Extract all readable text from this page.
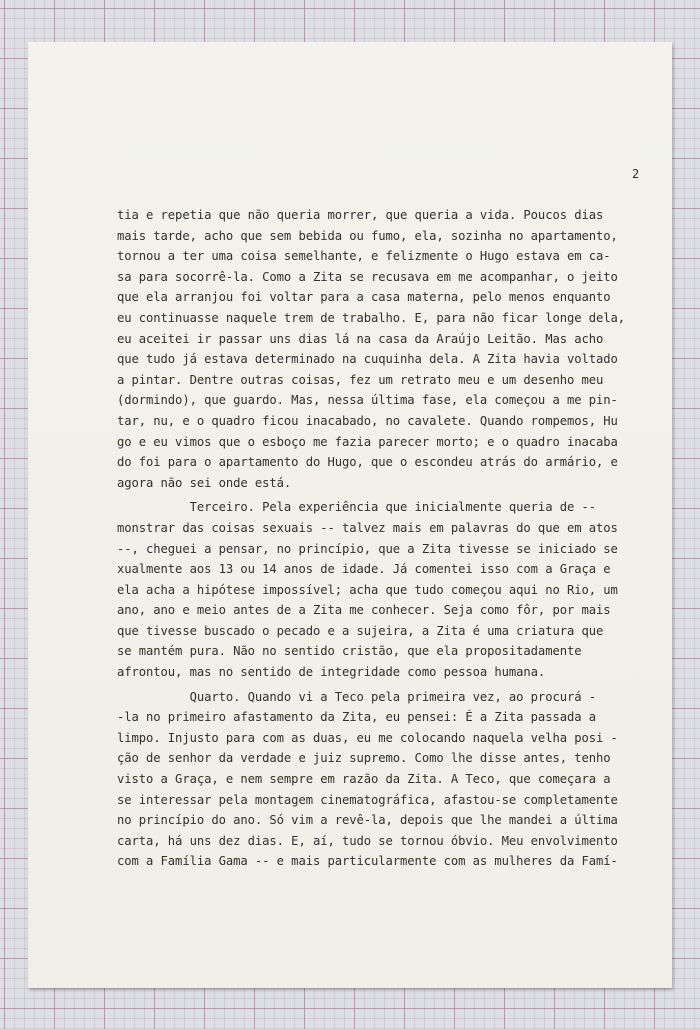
2
tia e repetia que não queria morrer, que queria a vida. Poucos dias
mais tarde, acho que sem bebida ou fumo, ela, sozinha no apartamento,
tornou a ter uma coisa semelhante, e felizmente o Hugo estava em ca-
sa para socorrê-la. Como a Zita se recusava em me acompanhar, o jeito
que ela arranjou foi voltar para a casa materna, pelo menos enquanto
eu continuasse naquele trem de trabalho. E, para não ficar longe dela,
eu aceitei ir passar uns dias lá na casa da Araújo Leitão. Mas acho
que tudo já estava determinado na cuquinha dela. A Zita havia voltado
a pintar. Dentre outras coisas, fez um retrato meu e um desenho meu
(dormindo), que guardo. Mas, nessa última fase, ela começou a me pin-
tar, nu, e o quadro ficou inacabado, no cavalete. Quando rompemos, Hu
go e eu vimos que o esboço me fazia parecer morto; e o quadro inacaba
do foi para o apartamento do Hugo, que o escondeu atrás do armário, e
agora não sei onde está.
Terceiro. Pela experiência que inicialmente queria de --
monstrar das coisas sexuais -- talvez mais em palavras do que em atos
--, cheguei a pensar, no princípio, que a Zita tivesse se iniciado se
xualmente aos 13 ou 14 anos de idade. Já comentei isso com a Graça e
ela acha a hipótese impossível; acha que tudo começou aqui no Rio, um
ano, ano e meio antes de a Zita me conhecer. Seja como fôr, por mais
que tivesse buscado o pecado e a sujeira, a Zita é uma criatura que
se mantém pura. Não no sentido cristão, que ela propositadamente
afrontou, mas no sentido de integridade como pessoa humana.
Quarto. Quando vi a Teco pela primeira vez, ao procurá -
-la no primeiro afastamento da Zita, eu pensei: É a Zita passada a
limpo. Injusto para com as duas, eu me colocando naquela velha posi -
ção de senhor da verdade e juiz supremo. Como lhe disse antes, tenho
visto a Graça, e nem sempre em razão da Zita. A Teco, que começara a
se interessar pela montagem cinematográfica, afastou-se completamente
no princípio do ano. Só vim a revê-la, depois que lhe mandei a última
carta, há uns dez dias. E, aí, tudo se tornou óbvio. Meu envolvimento
com a Família Gama -- e mais particularmente com as mulheres da Famí-
